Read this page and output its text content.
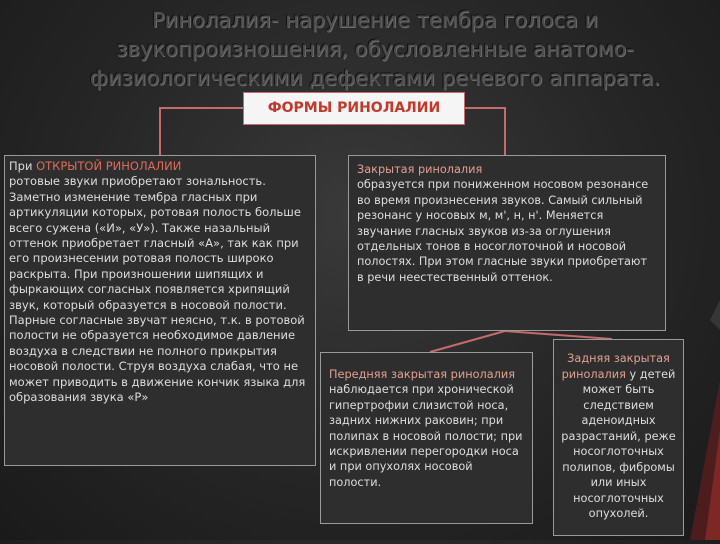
Ринолалия- нарушение тембра голоса и звукопроизношения, обусловленные анатомо-физиологическими дефектами речевого аппарата.
ФОРМЫ РИНОЛАЛИИ
При ОТКРЫТОЙ РИНОЛАЛИИ
ротовые звуки приобретают зональность. Заметно изменение тембра гласных при артикуляции которых, ротовая полость больше всего сужена («И», «У»). Также назальный оттенок приобретает гласный «А», так как при его произнесении ротовая полость широко раскрыта. При произношении шипящих и фыркающих согласных появляется хрипящий звук, который образуется в носовой полости. Парные согласные звучат неясно, т.к. в ротовой полости не образуется необходимое давление воздуха в следствии не полного прикрытия носовой полости. Струя воздуха слабая, что не может приводить в движение кончик языка для образования звука «Р»
Закрытая ринолалия
образуется при пониженном носовом резонансе во время произнесения звуков. Самый сильный резонанс у носовых м, м', н, н'. Меняется звучание гласных звуков из-за оглушения отдельных тонов в носоглоточной и носовой полостях. При этом гласные звуки приобретают в речи неестественный оттенок.
Передняя закрытая ринолалия наблюдается при хронической гипертрофии слизистой носа, задних нижних раковин; при полипах в носовой полости; при искривлении перегородки носа и при опухолях носовой полости.
Задняя закрытая ринолалия у детей может быть следствием аденоидных разрастаний, реже носоглоточных полипов, фибромы или иных носоглоточных опухолей.
